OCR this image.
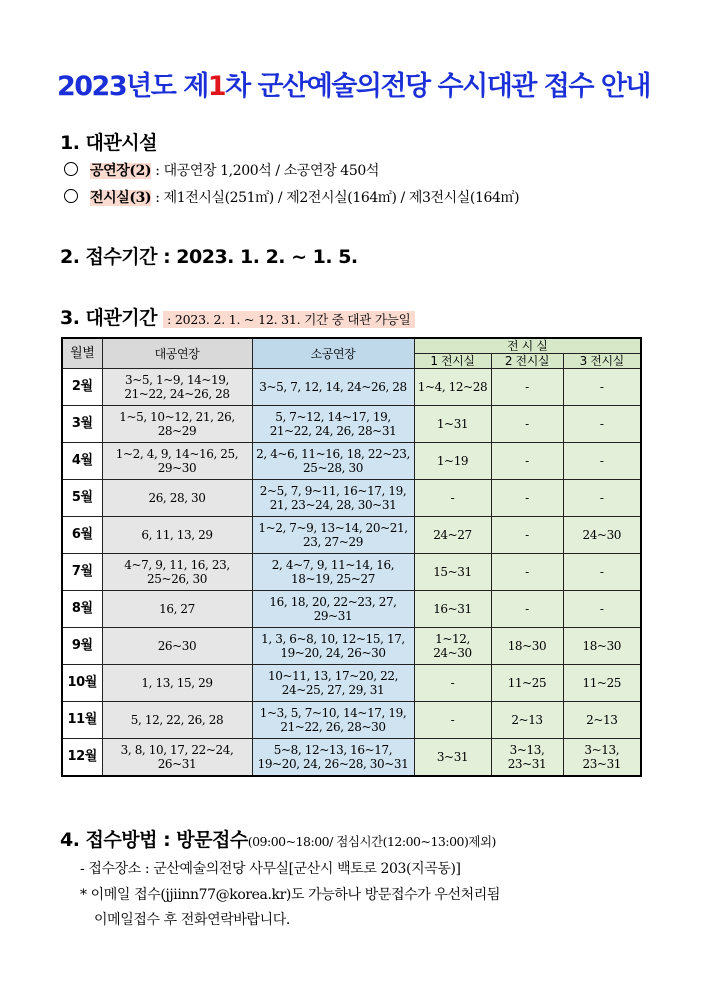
2023년도 제1차 군산예술의전당 수시대관 접수 안내
1. 대관시설
공연장(2) : 대공연장 1,200석 / 소공연장 450석
전시실(3) : 제1전시실(251㎡) / 제2전시실(164㎡) / 제3전시실(164㎡)
2. 접수기간 : 2023. 1. 2. ~ 1. 5.
3. 대관기간 : 2023. 2. 1. ~ 12. 31. 기간 중 대관 가능일
월별	대공연장	소공연장	전 시 실		
			1 전시실	2 전시실	3 전시실
2월	3~5, 1~9, 14~19, 21~22, 24~26, 28	3~5, 7, 12, 14, 24~26, 28	1~4, 12~28	-	-
3월	1~5, 10~12, 21, 26, 28~29	5, 7~12, 14~17, 19, 21~22, 24, 26, 28~31	1~31	-	-
4월	1~2, 4, 9, 14~16, 25, 29~30	2, 4~6, 11~16, 18, 22~23, 25~28, 30	1~19	-	-
5월	26, 28, 30	2~5, 7, 9~11, 16~17, 19, 21, 23~24, 28, 30~31	-	-	-
6월	6, 11, 13, 29	1~2, 7~9, 13~14, 20~21, 23, 27~29	24~27	-	24~30
7월	4~7, 9, 11, 16, 23, 25~26, 30	2, 4~7, 9, 11~14, 16, 18~19, 25~27	15~31	-	-
8월	16, 27	16, 18, 20, 22~23, 27, 29~31	16~31	-	-
9월	26~30	1, 3, 6~8, 10, 12~15, 17, 19~20, 24, 26~30	1~12, 24~30	18~30	18~30
10월	1, 13, 15, 29	10~11, 13, 17~20, 22, 24~25, 27, 29, 31	-	11~25	11~25
11월	5, 12, 22, 26, 28	1~3, 5, 7~10, 14~17, 19, 21~22, 26, 28~30	-	2~13	2~13
12월	3, 8, 10, 17, 22~24, 26~31	5~8, 12~13, 16~17, 19~20, 24, 26~28, 30~31	3~31	3~13, 23~31	3~13, 23~31
4. 접수방법 : 방문접수(09:00~18:00/ 점심시간(12:00~13:00)제외)
- 접수장소 : 군산예술의전당 사무실[군산시 백토로 203(지곡동)]
* 이메일 접수(jjiinn77@korea.kr)도 가능하나 방문접수가 우선처리됨
이메일접수 후 전화연락바랍니다.
